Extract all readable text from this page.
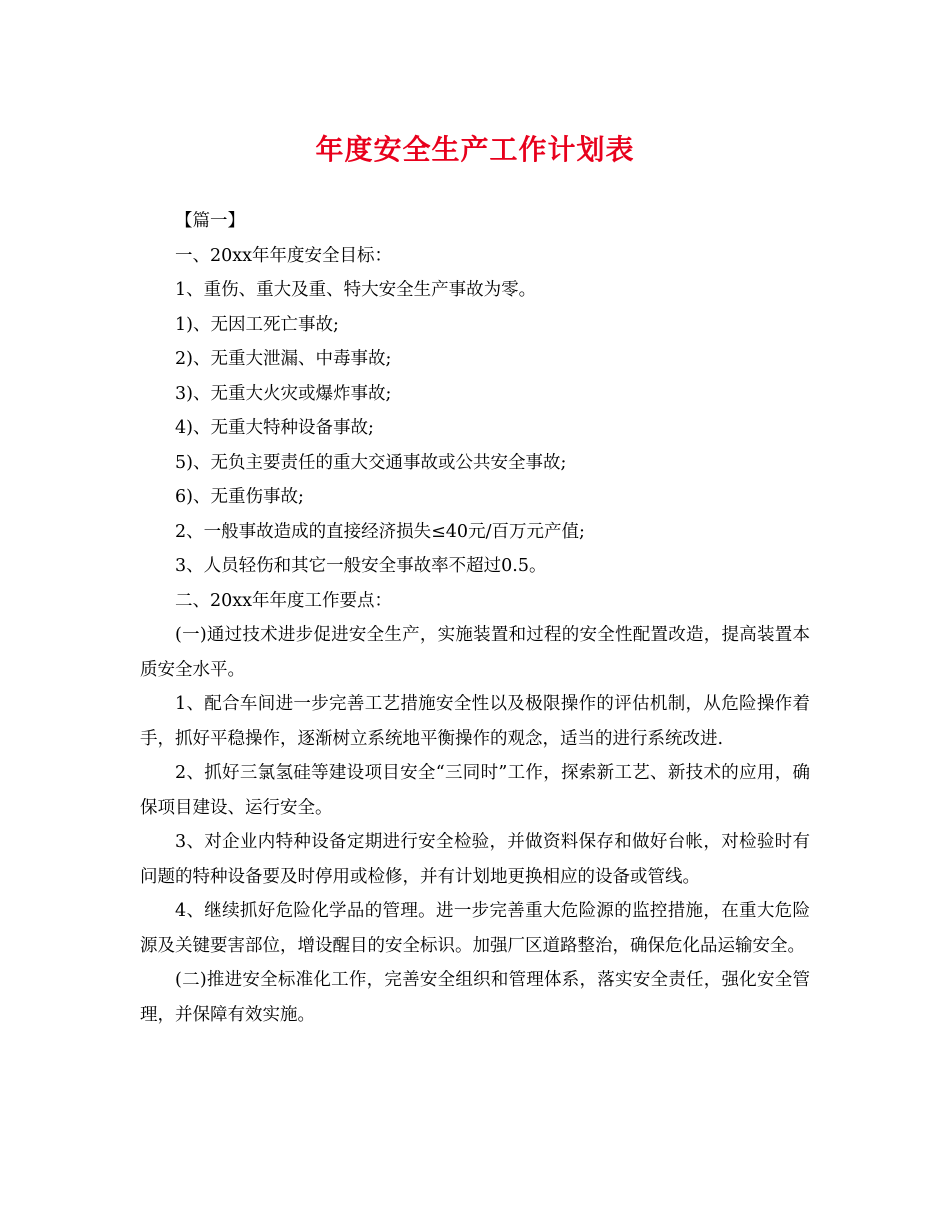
年度安全生产工作计划表

【篇一】

一、20xx年年度安全目标：

1、重伤、重大及重、特大安全生产事故为零。

1)、无因工死亡事故;

2)、无重大泄漏、中毒事故;

3)、无重大火灾或爆炸事故;

4)、无重大特种设备事故;

5)、无负主要责任的重大交通事故或公共安全事故;

6)、无重伤事故;

2、一般事故造成的直接经济损失≤40元/百万元产值;

3、人员轻伤和其它一般安全事故率不超过0.5。

二、20xx年年度工作要点：

(一)通过技术进步促进安全生产，实施装置和过程的安全性配置改造，提高装置本质安全水平。

1、配合车间进一步完善工艺措施安全性以及极限操作的评估机制，从危险操作着手，抓好平稳操作，逐渐树立系统地平衡操作的观念，适当的进行系统改进.

2、抓好三氯氢硅等建设项目安全“三同时”工作，探索新工艺、新技术的应用，确保项目建设、运行安全。

3、对企业内特种设备定期进行安全检验，并做资料保存和做好台帐，对检验时有问题的特种设备要及时停用或检修，并有计划地更换相应的设备或管线。

4、继续抓好危险化学品的管理。进一步完善重大危险源的监控措施，在重大危险源及关键要害部位，增设醒目的安全标识。加强厂区道路整治，确保危化品运输安全。

(二)推进安全标准化工作，完善安全组织和管理体系，落实安全责任，强化安全管理，并保障有效实施。
